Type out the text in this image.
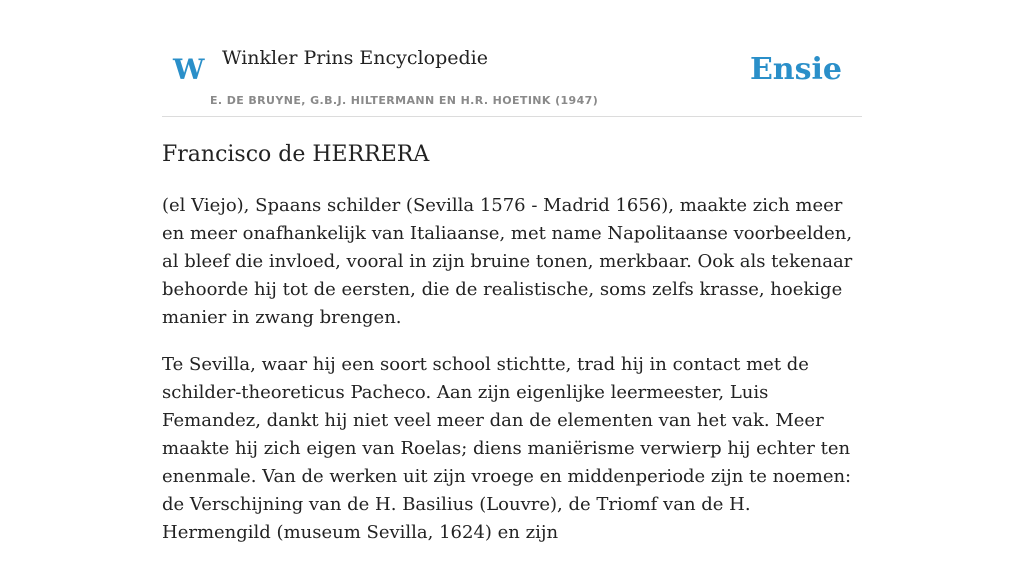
W Winkler Prins Encyclopedie
E. DE BRUYNE, G.B.J. HILTERMANN EN H.R. HOETINK (1947)
Ensie
Francisco de HERRERA

(el Viejo), Spaans schilder (Sevilla 1576 - Madrid 1656), maakte zich meer en meer onafhankelijk van Italiaanse, met name Napolitaanse voorbeelden, al bleef die invloed, vooral in zijn bruine tonen, merkbaar. Ook als tekenaar behoorde hij tot de eersten, die de realistische, soms zelfs krasse, hoekige manier in zwang brengen.

Te Sevilla, waar hij een soort school stichtte, trad hij in contact met de schilder-theoreticus Pacheco. Aan zijn eigenlijke leermeester, Luis Femandez, dankt hij niet veel meer dan de elementen van het vak. Meer maakte hij zich eigen van Roelas; diens maniërisme verwierp hij echter ten enenmale. Van de werken uit zijn vroege en middenperiode zijn te noemen: de Verschijning van de H. Basilius (Louvre), de Triomf van de H. Hermengild (museum Sevilla, 1624) en zijn
